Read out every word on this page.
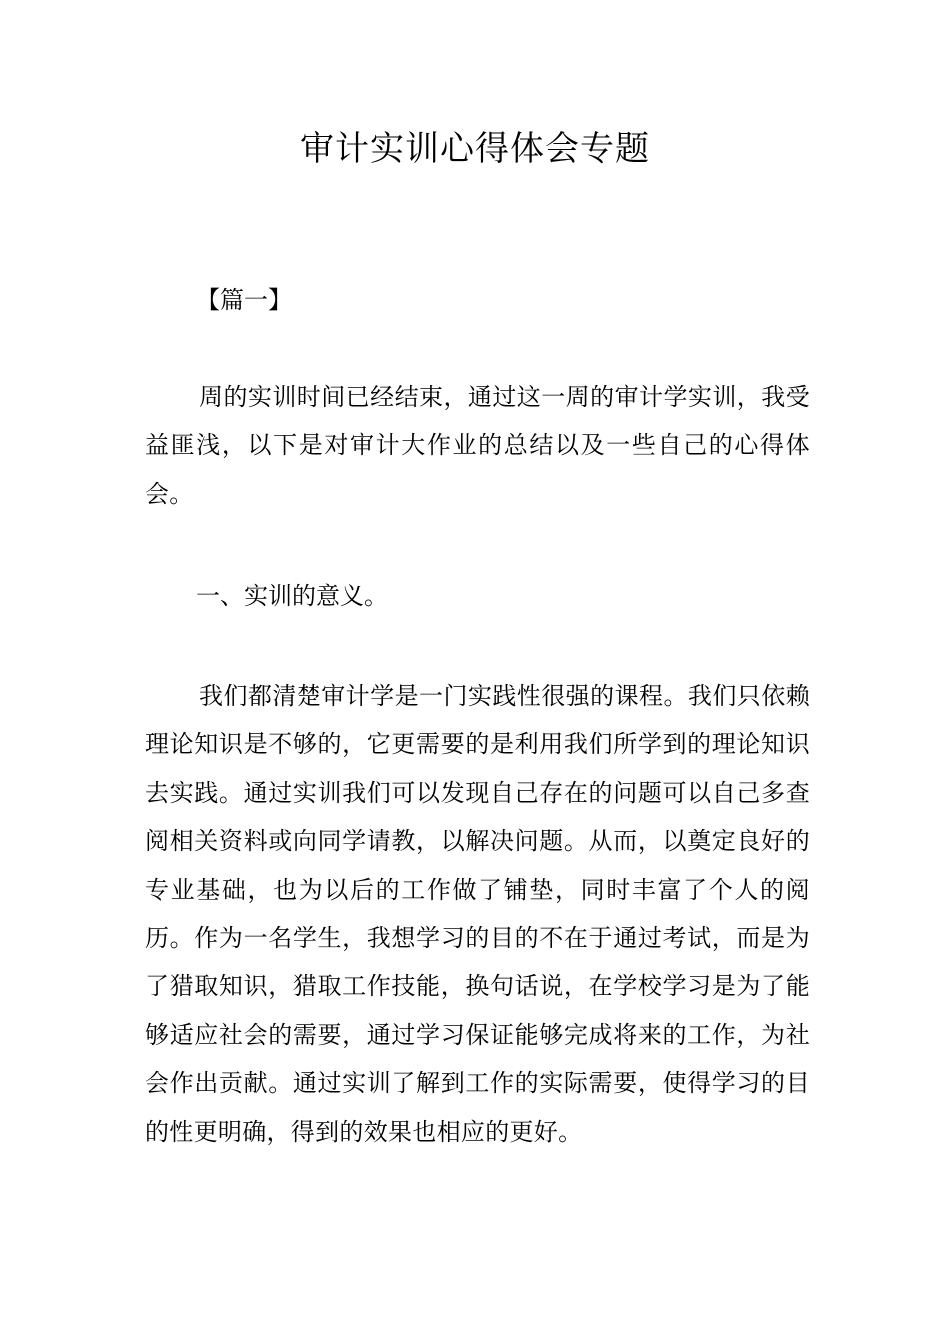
审计实训心得体会专题

【篇一】

周的实训时间已经结束，通过这一周的审计学实训，我受益匪浅，以下是对审计大作业的总结以及一些自己的心得体会。

一、实训的意义。

我们都清楚审计学是一门实践性很强的课程。我们只依赖理论知识是不够的，它更需要的是利用我们所学到的理论知识去实践。通过实训我们可以发现自己存在的问题可以自己多查阅相关资料或向同学请教，以解决问题。从而，以奠定良好的专业基础，也为以后的工作做了铺垫，同时丰富了个人的阅历。作为一名学生，我想学习的目的不在于通过考试，而是为了猎取知识，猎取工作技能，换句话说，在学校学习是为了能够适应社会的需要，通过学习保证能够完成将来的工作，为社会作出贡献。通过实训了解到工作的实际需要，使得学习的目的性更明确，得到的效果也相应的更好。
